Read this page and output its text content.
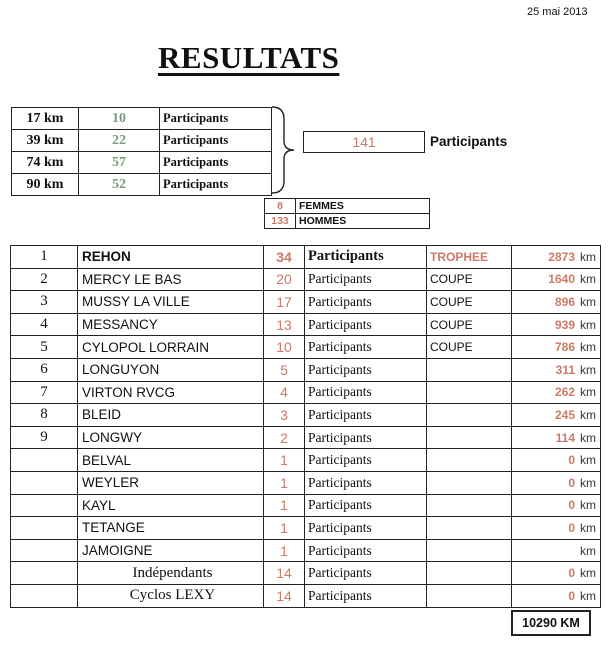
25 mai 2013
RESULTATS
17 km	10	Participants
39 km	22	Participants
74 km	57	Participants
90 km	52	Participants
141	Participants
8	FEMMES
133	HOMMES
1	REHON	34	Participants	TROPHEE	2873 km
2	MERCY LE BAS	20	Participants	COUPE	1640 km
3	MUSSY LA VILLE	17	Participants	COUPE	896 km
4	MESSANCY	13	Participants	COUPE	939 km
5	CYLOPOL LORRAIN	10	Participants	COUPE	786 km
6	LONGUYON	5	Participants		311 km
7	VIRTON RVCG	4	Participants		262 km
8	BLEID	3	Participants		245 km
9	LONGWY	2	Participants		114 km
	BELVAL	1	Participants		0 km
	WEYLER	1	Participants		0 km
	KAYL	1	Participants		0 km
	TETANGE	1	Participants		0 km
	JAMOIGNE	1	Participants		km
	Indépendants	14	Participants		0 km
	Cyclos LEXY	14	Participants		0 km
10290 KM
